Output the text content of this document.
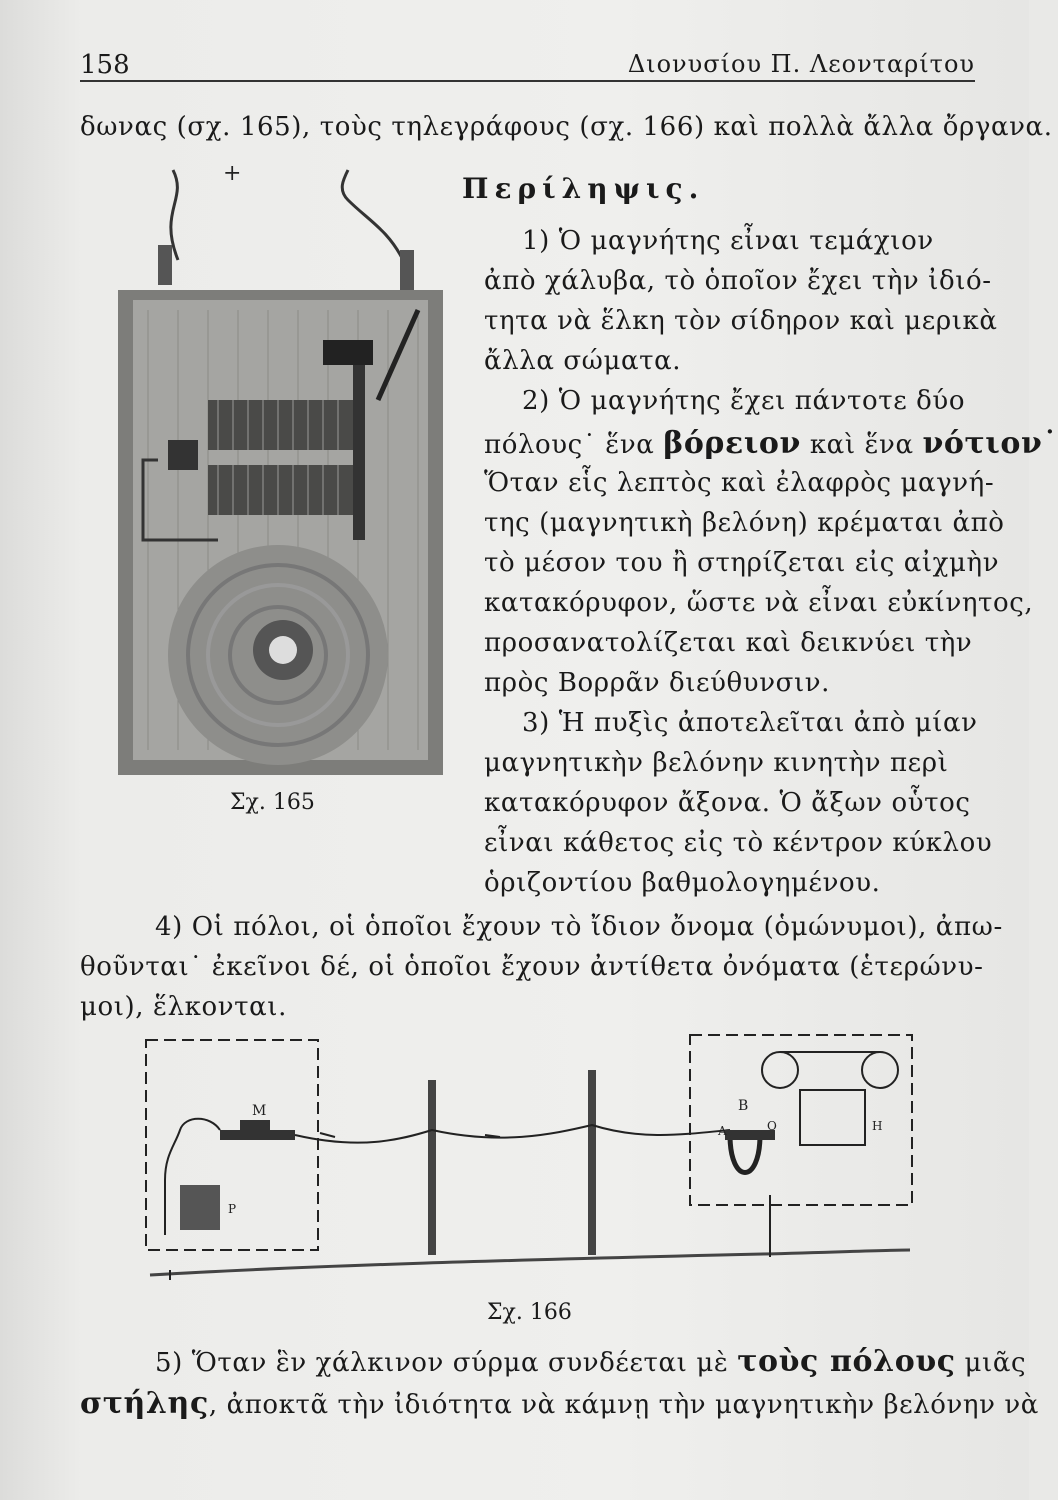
158	Διονυσίου Π. Λεονταρίτου
δωνας (σχ. 165), τοὺς τηλεγράφους (σχ. 166) καὶ πολλὰ ἄλλα ὄργανα.
+
Σχ. 165
Περίληψις.
1) Ὁ μαγνήτης εἶναι τεμάχιον
ἀπὸ χάλυβα, τὸ ὁποῖον ἔχει τὴν ἰδιό-
τητα νὰ ἕλκη τὸν σίδηρον καὶ μερικὰ
ἄλλα σώματα.
2) Ὁ μαγνήτης ἔχει πάντοτε δύο
πόλους˙ ἕνα βόρειον καὶ ἕνα νότιον˙
Ὅταν εἷς λεπτὸς καὶ ἐλαφρὸς μαγνή-
της (μαγνητικὴ βελόνη) κρέμαται ἀπὸ
τὸ μέσον του ἢ στηρίζεται εἰς αἰχμὴν
κατακόρυφον, ὥστε νὰ εἶναι εὐκίνητος,
προσανατολίζεται καὶ δεικνύει τὴν
πρὸς Βορρᾶν διεύθυνσιν.
3) Ἡ πυξὶς ἀποτελεῖται ἀπὸ μίαν
μαγνητικὴν βελόνην κινητὴν περὶ
κατακόρυφον ἄξονα. Ὁ ἄξων οὗτος
εἶναι κάθετος εἰς τὸ κέντρον κύκλου
ὁριζοντίου βαθμολογημένου.
4) Οἱ πόλοι, οἱ ὁποῖοι ἔχουν τὸ ἴδιον ὄνομα (ὁμώνυμοι), ἀπω-
θοῦνται˙ ἐκεῖνοι δέ, οἱ ὁποῖοι ἔχουν ἀντίθετα ὀνόματα (ἑτερώνυ-
μοι), ἕλκονται.
M
P
B
A	O	H
Σχ. 166
5) Ὅταν ἓν χάλκινον σύρμα συνδέεται μὲ τοὺς πόλους μιᾶς
στήλης, ἀποκτᾶ τὴν ἰδιότητα νὰ κάμνῃ τὴν μαγνητικὴν βελόνην νὰ
